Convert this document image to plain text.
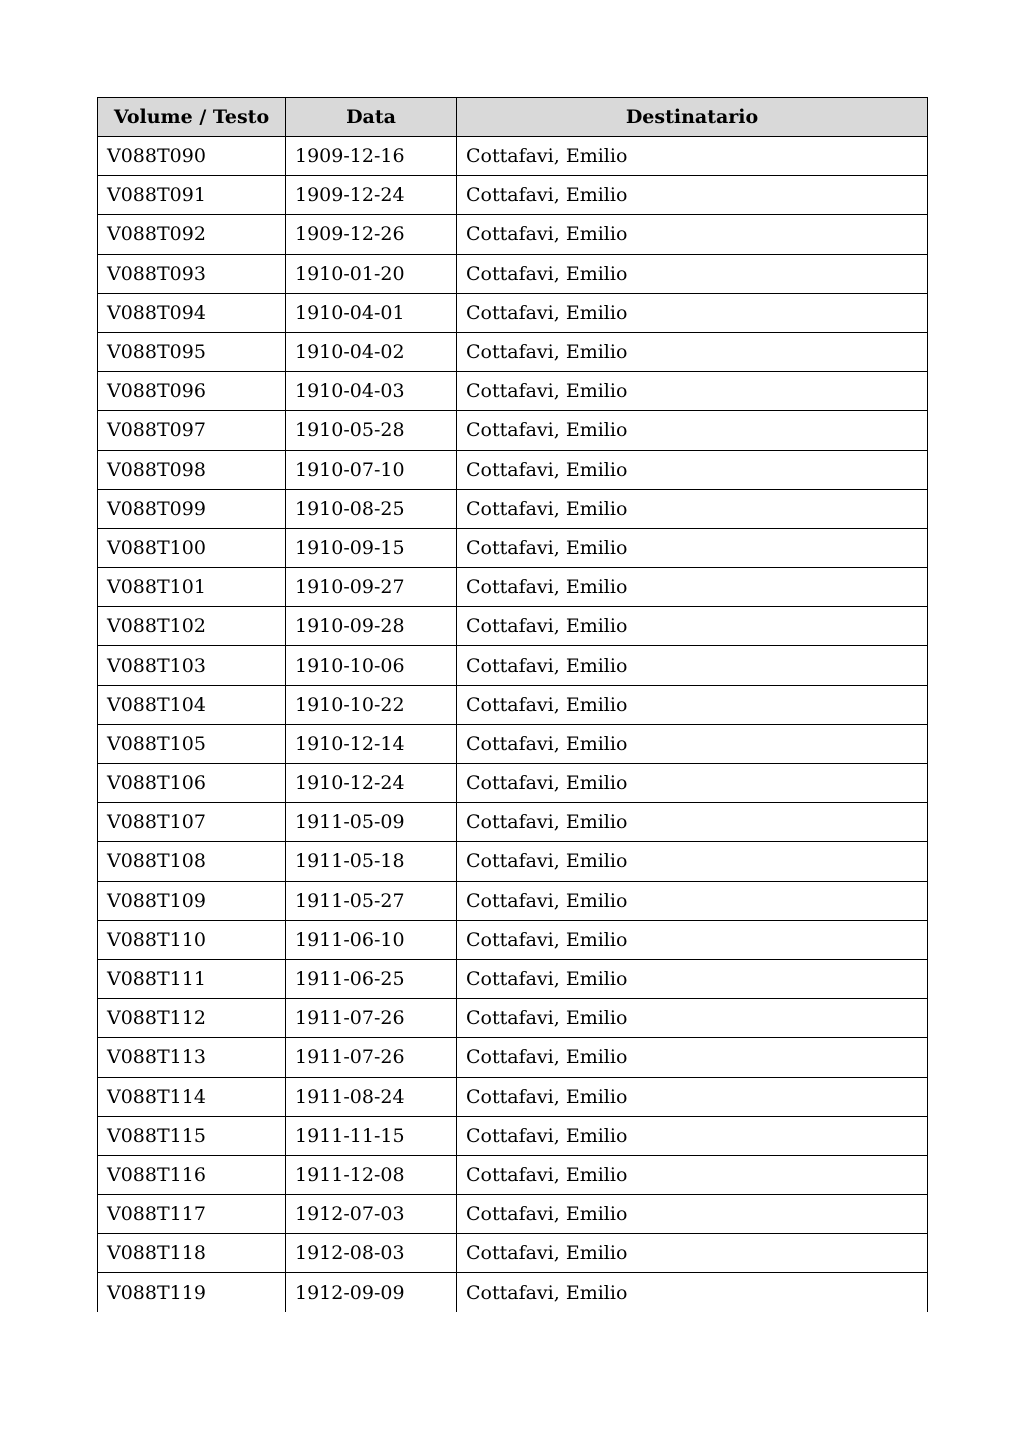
Volume / Testo	Data	Destinatario
V088T090	1909-12-16	Cottafavi, Emilio
V088T091	1909-12-24	Cottafavi, Emilio
V088T092	1909-12-26	Cottafavi, Emilio
V088T093	1910-01-20	Cottafavi, Emilio
V088T094	1910-04-01	Cottafavi, Emilio
V088T095	1910-04-02	Cottafavi, Emilio
V088T096	1910-04-03	Cottafavi, Emilio
V088T097	1910-05-28	Cottafavi, Emilio
V088T098	1910-07-10	Cottafavi, Emilio
V088T099	1910-08-25	Cottafavi, Emilio
V088T100	1910-09-15	Cottafavi, Emilio
V088T101	1910-09-27	Cottafavi, Emilio
V088T102	1910-09-28	Cottafavi, Emilio
V088T103	1910-10-06	Cottafavi, Emilio
V088T104	1910-10-22	Cottafavi, Emilio
V088T105	1910-12-14	Cottafavi, Emilio
V088T106	1910-12-24	Cottafavi, Emilio
V088T107	1911-05-09	Cottafavi, Emilio
V088T108	1911-05-18	Cottafavi, Emilio
V088T109	1911-05-27	Cottafavi, Emilio
V088T110	1911-06-10	Cottafavi, Emilio
V088T111	1911-06-25	Cottafavi, Emilio
V088T112	1911-07-26	Cottafavi, Emilio
V088T113	1911-07-26	Cottafavi, Emilio
V088T114	1911-08-24	Cottafavi, Emilio
V088T115	1911-11-15	Cottafavi, Emilio
V088T116	1911-12-08	Cottafavi, Emilio
V088T117	1912-07-03	Cottafavi, Emilio
V088T118	1912-08-03	Cottafavi, Emilio
V088T119	1912-09-09	Cottafavi, Emilio
